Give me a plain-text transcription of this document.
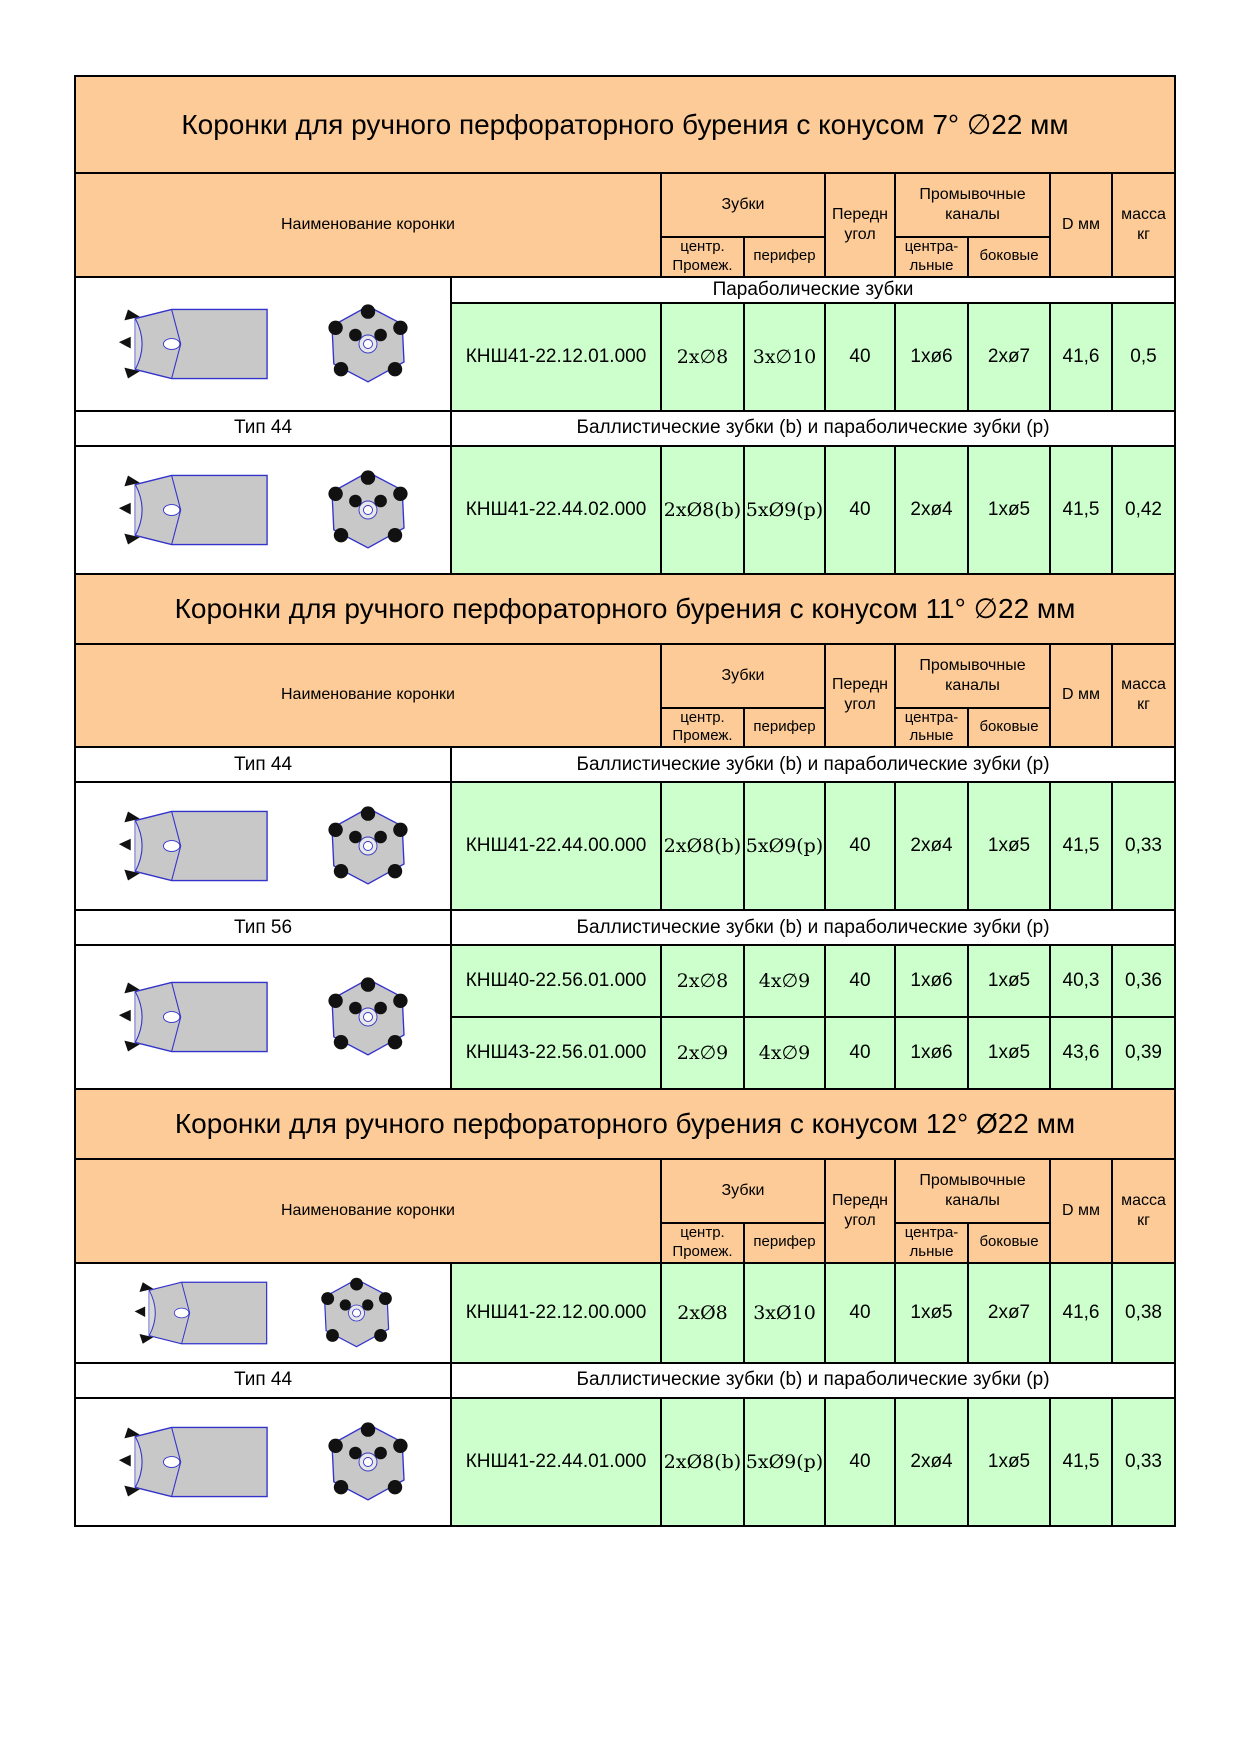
Коронки для ручного перфораторного бурения с конусом 7° ∅22 мм								
Наименование коронки		Зубки		Передн угол	Промывочные каналы		D мм	масса кг
		центр. Промеж.	перифер		центра-льные	боковые		

	Параболические зубки							
	КНШ41-22.12.01.000	2x∅8	3x∅10	40	1xø6	2xø7	41,6	0,5
Тип 44	Баллистические зубки (b) и параболические зубки (p)							

	КНШ41-22.44.02.000	2xØ8(b)	5xØ9(p)	40	2xø4	1xø5	41,5	0,42
Коронки для ручного перфораторного бурения с конусом 11° ∅22 мм								
Наименование коронки		Зубки		Передн угол	Промывочные каналы		D мм	масса кг
		центр. Промеж.	перифер		центра-льные	боковые		
Тип 44	Баллистические зубки (b) и параболические зубки (p)							

	КНШ41-22.44.00.000	2xØ8(b)	5xØ9(p)	40	2xø4	1xø5	41,5	0,33
Тип 56	Баллистические зубки (b) и параболические зубки (p)							

	КНШ40-22.56.01.000	2x∅8	4x∅9	40	1xø6	1xø5	40,3	0,36
	КНШ43-22.56.01.000	2x∅9	4x∅9	40	1xø6	1xø5	43,6	0,39
Коронки для ручного перфораторного бурения с конусом 12° Ø22 мм								
Наименование коронки		Зубки		Передн угол	Промывочные каналы		D мм	масса кг
		центр. Промеж.	перифер		центра-льные	боковые		

	КНШ41-22.12.00.000	2xØ8	3xØ10	40	1xø5	2xø7	41,6	0,38
Тип 44	Баллистические зубки (b) и параболические зубки (p)							

	КНШ41-22.44.01.000	2xØ8(b)	5xØ9(p)	40	2xø4	1xø5	41,5	0,33
